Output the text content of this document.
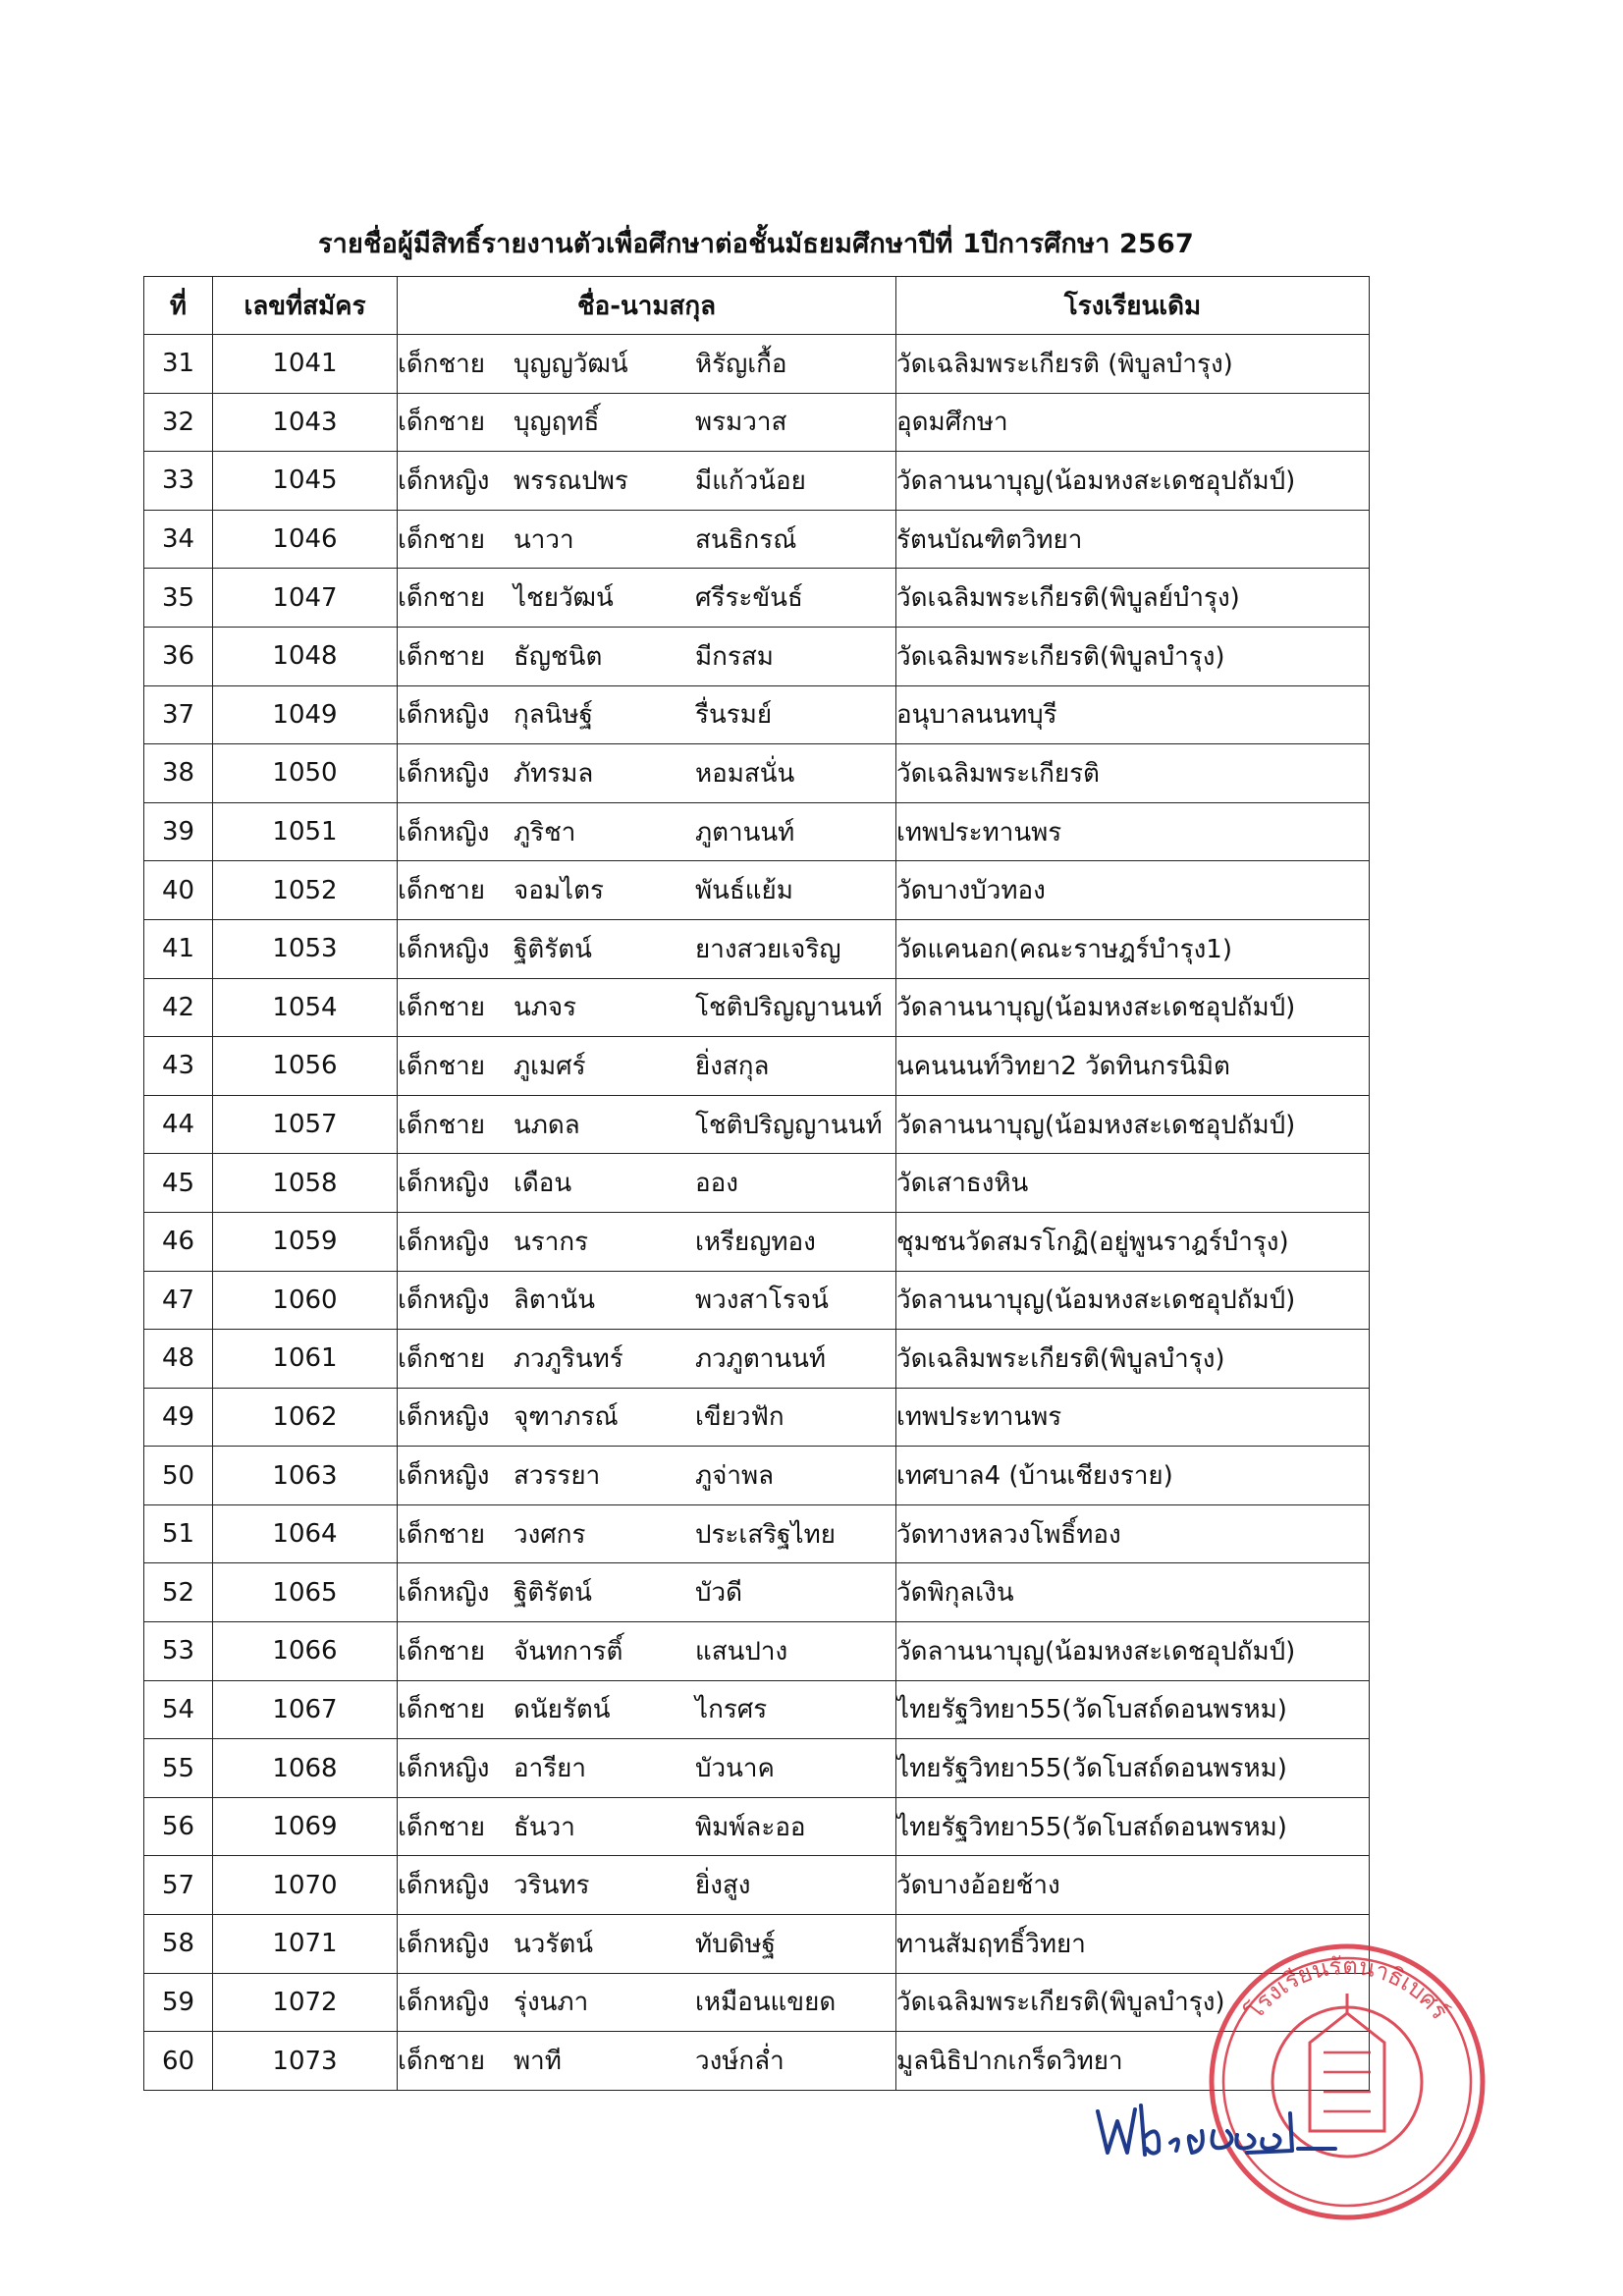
รายชื่อผู้มีสิทธิ์รายงานตัวเพื่อศึกษาต่อชั้นมัธยมศึกษาปีที่ 1ปีการศึกษา 2567
ที่	เลขที่สมัคร	ชื่อ-นามสกุล	โรงเรียนเดิม
31	1041	เด็กชาย บุญญวัฒน์ หิรัญเกื้อ	วัดเฉลิมพระเกียรติ (พิบูลบำรุง)
32	1043	เด็กชาย บุญฤทธิ์ พรมวาส	อุดมศึกษา
33	1045	เด็กหญิง พรรณปพร มีแก้วน้อย	วัดลานนาบุญ(น้อมหงสะเดชอุปถัมป์)
34	1046	เด็กชาย นาวา สนธิกรณ์	รัตนบัณฑิตวิทยา
35	1047	เด็กชาย ไชยวัฒน์ ศรีระขันธ์	วัดเฉลิมพระเกียรติ(พิบูลย์บำรุง)
36	1048	เด็กชาย ธัญชนิต มีกรสม	วัดเฉลิมพระเกียรติ(พิบูลบำรุง)
37	1049	เด็กหญิง กุลนิษฐ์ รื่นรมย์	อนุบาลนนทบุรี
38	1050	เด็กหญิง ภัทรมล หอมสนั่น	วัดเฉลิมพระเกียรติ
39	1051	เด็กหญิง ภูริชา ภูตานนท์	เทพประทานพร
40	1052	เด็กชาย จอมไตร พันธ์แย้ม	วัดบางบัวทอง
41	1053	เด็กหญิง ฐิติรัตน์ ยางสวยเจริญ	วัดแคนอก(คณะราษฎร์บำรุง1)
42	1054	เด็กชาย นภจร โชติปริญญานนท์	วัดลานนาบุญ(น้อมหงสะเดชอุปถัมป์)
43	1056	เด็กชาย ภูเมศร์ ยิ่งสกุล	นคนนนท์วิทยา2 วัดทินกรนิมิต
44	1057	เด็กชาย นภดล โชติปริญญานนท์	วัดลานนาบุญ(น้อมหงสะเดชอุปถัมป์)
45	1058	เด็กหญิง เดือน ออง	วัดเสาธงหิน
46	1059	เด็กหญิง นรากร เหรียญทอง	ชุมชนวัดสมรโกฏิ(อยู่พูนราฎร์บำรุง)
47	1060	เด็กหญิง ลิตานัน พวงสาโรจน์	วัดลานนาบุญ(น้อมหงสะเดชอุปถัมป์)
48	1061	เด็กชาย ภวภูรินทร์ ภวภูตานนท์	วัดเฉลิมพระเกียรติ(พิบูลบำรุง)
49	1062	เด็กหญิง จุฑาภรณ์ เขียวฟัก	เทพประทานพร
50	1063	เด็กหญิง สวรรยา ภูจ่าพล	เทศบาล4 (บ้านเชียงราย)
51	1064	เด็กชาย วงศกร ประเสริฐไทย	วัดทางหลวงโพธิ์ทอง
52	1065	เด็กหญิง ฐิติรัตน์ บัวดี	วัดพิกุลเงิน
53	1066	เด็กชาย จันทการติ์ แสนปาง	วัดลานนาบุญ(น้อมหงสะเดชอุปถัมป์)
54	1067	เด็กชาย ดนัยรัตน์ ไกรศร	ไทยรัฐวิทยา55(วัดโบสถ์ดอนพรหม)
55	1068	เด็กหญิง อารียา บัวนาค	ไทยรัฐวิทยา55(วัดโบสถ์ดอนพรหม)
56	1069	เด็กชาย ธันวา พิมพ์ละออ	ไทยรัฐวิทยา55(วัดโบสถ์ดอนพรหม)
57	1070	เด็กหญิง วรินทร ยิ่งสูง	วัดบางอ้อยช้าง
58	1071	เด็กหญิง นวรัตน์ ทับดิษฐ์	ทานสัมฤทธิ์วิทยา
59	1072	เด็กหญิง รุ่งนภา เหมือนแขยด	วัดเฉลิมพระเกียรติ(พิบูลบำรุง)
60	1073	เด็กชาย พาที วงษ์กล่ำ	มูลนิธิปากเกร็ดวิทยา
โรงเรียนรัตนาธิเบศร์
